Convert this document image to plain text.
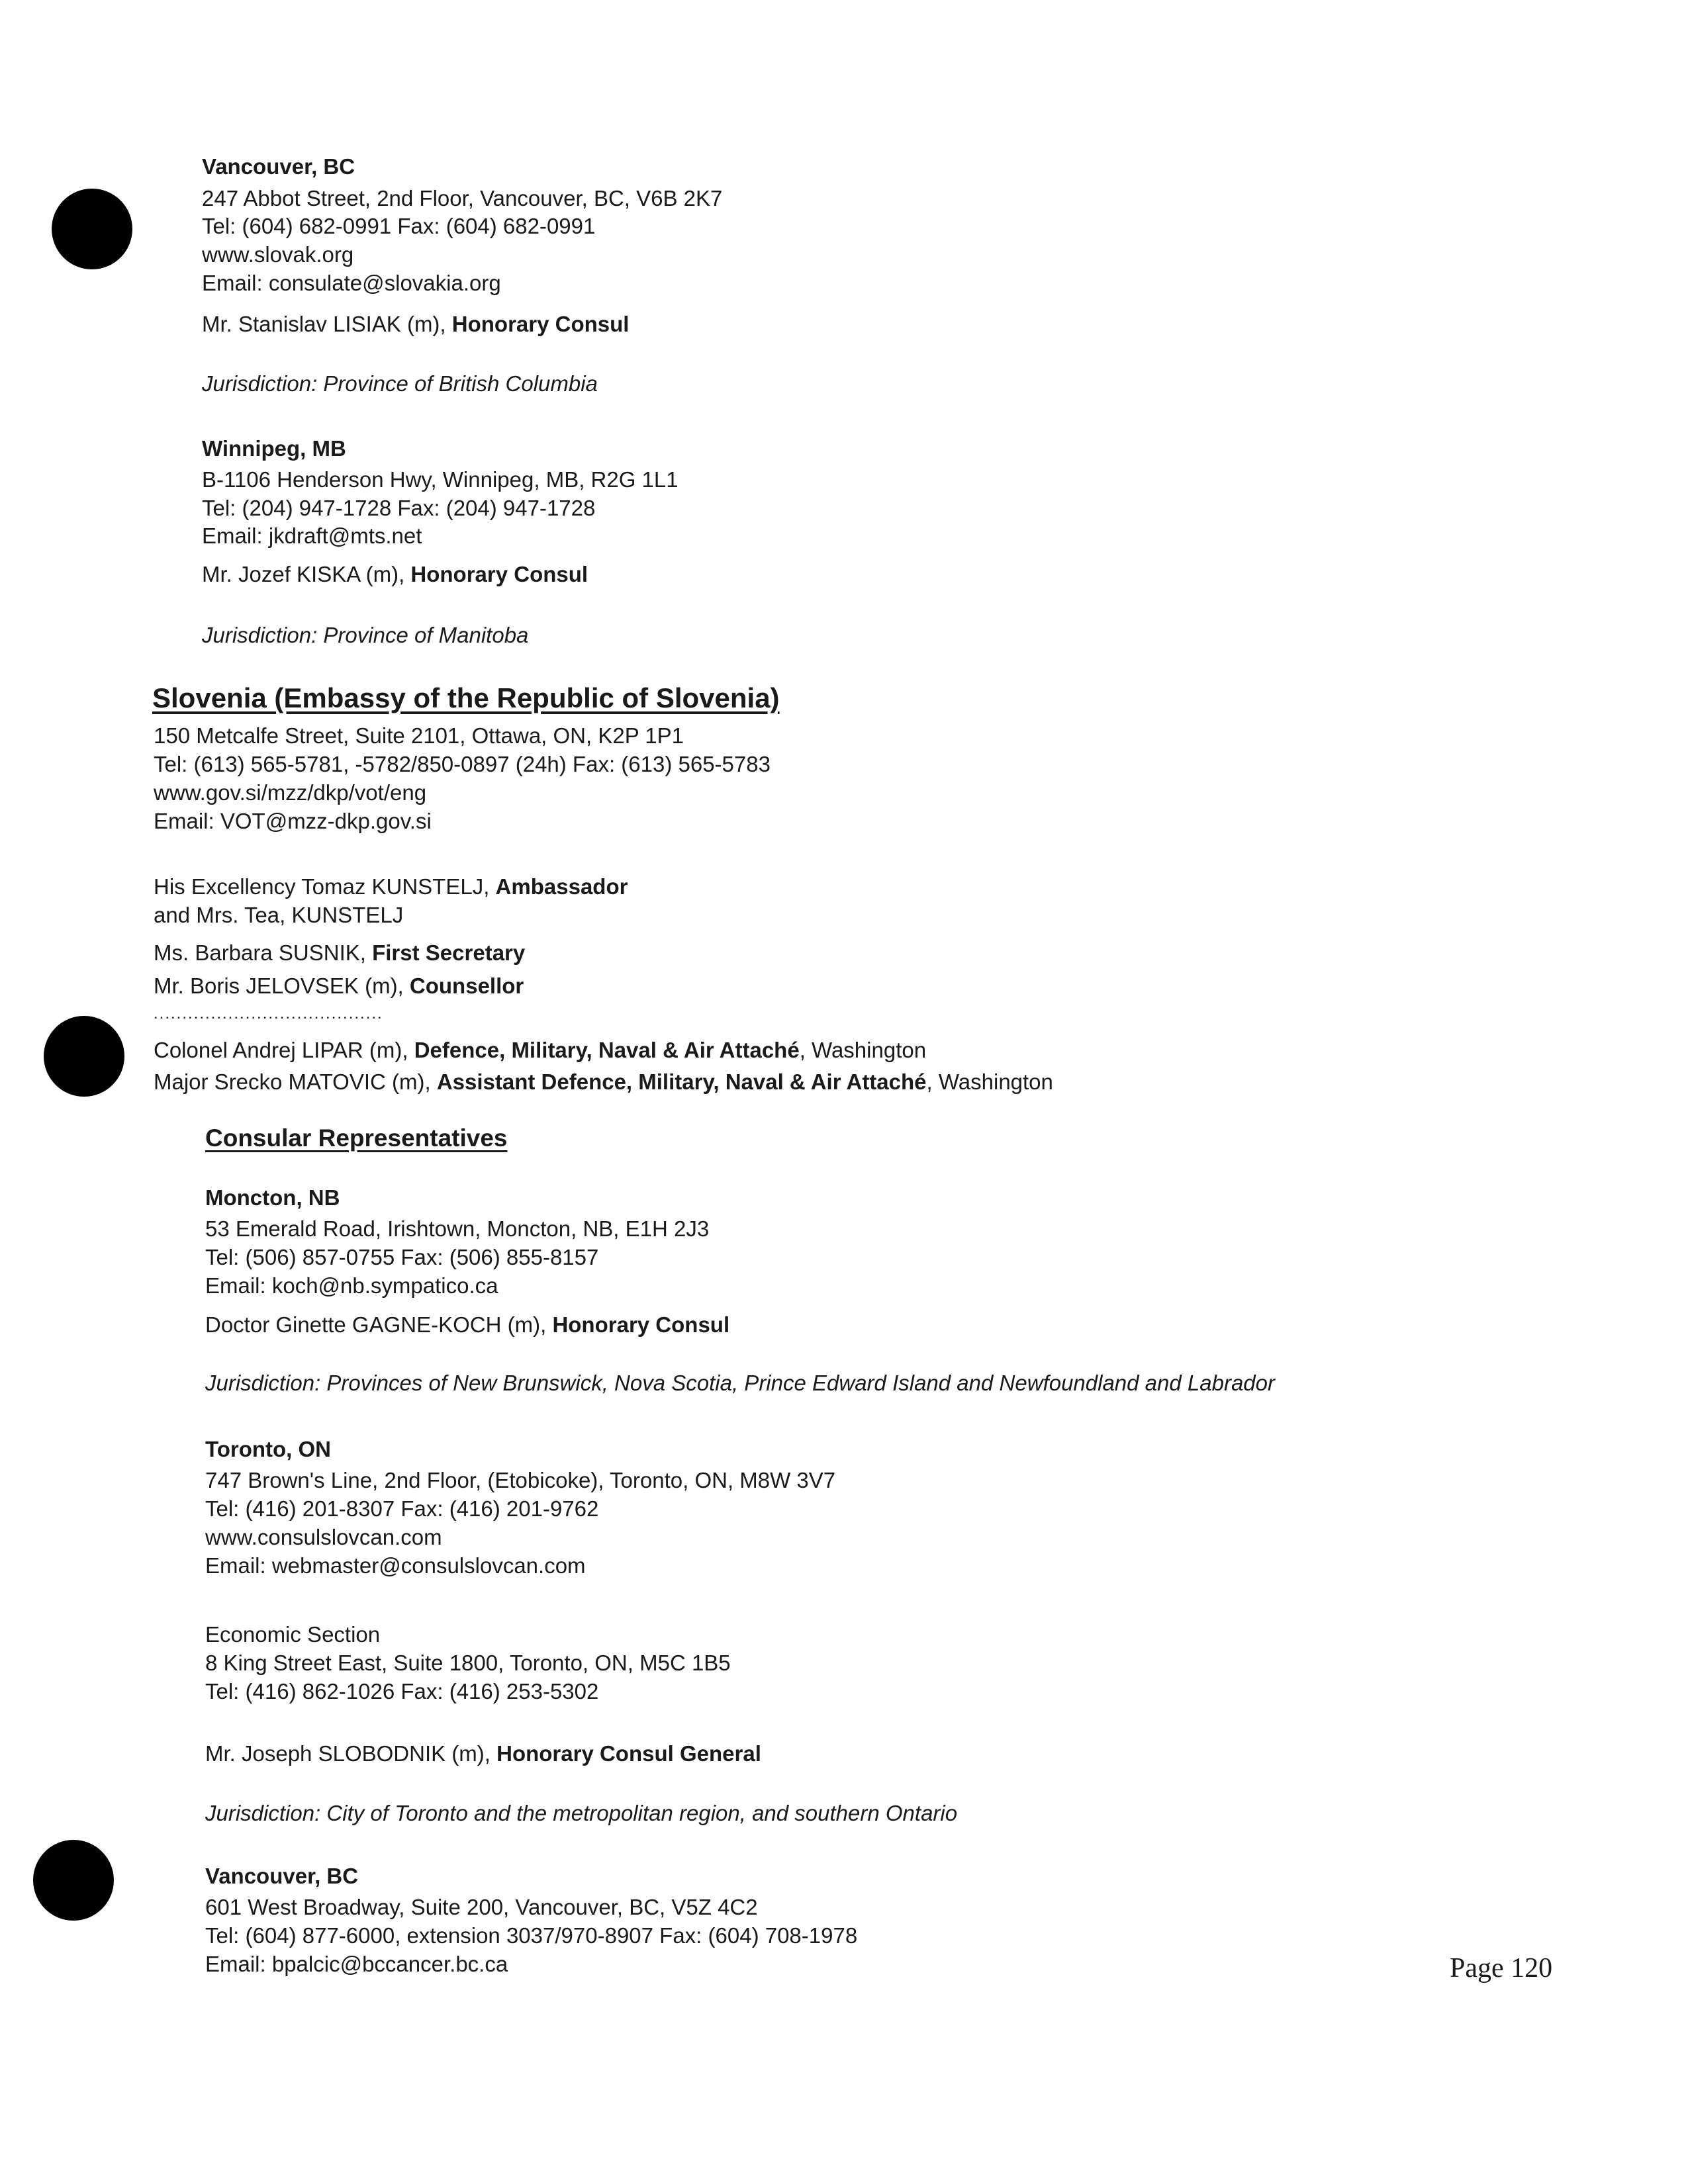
Vancouver, BC
247 Abbot Street, 2nd Floor, Vancouver, BC, V6B 2K7
Tel: (604) 682-0991 Fax: (604) 682-0991
www.slovak.org
Email: consulate@slovakia.org
Mr. Stanislav LISIAK (m), Honorary Consul
Jurisdiction: Province of British Columbia
Winnipeg, MB
B-1106 Henderson Hwy, Winnipeg, MB, R2G 1L1
Tel: (204) 947-1728 Fax: (204) 947-1728
Email: jkdraft@mts.net
Mr. Jozef KISKA (m), Honorary Consul
Jurisdiction: Province of Manitoba
Slovenia (Embassy of the Republic of Slovenia)
150 Metcalfe Street, Suite 2101, Ottawa, ON, K2P 1P1
Tel: (613) 565-5781, -5782/850-0897 (24h) Fax: (613) 565-5783
www.gov.si/mzz/dkp/vot/eng
Email: VOT@mzz-dkp.gov.si
His Excellency Tomaz KUNSTELJ, Ambassador
and Mrs. Tea, KUNSTELJ
Ms. Barbara SUSNIK, First Secretary
Mr. Boris JELOVSEK (m), Counsellor
........................................
Colonel Andrej LIPAR (m), Defence, Military, Naval & Air Attaché, Washington
Major Srecko MATOVIC (m), Assistant Defence, Military, Naval & Air Attaché, Washington
Consular Representatives
Moncton, NB
53 Emerald Road, Irishtown, Moncton, NB, E1H 2J3
Tel: (506) 857-0755 Fax: (506) 855-8157
Email: koch@nb.sympatico.ca
Doctor Ginette GAGNE-KOCH (m), Honorary Consul
Jurisdiction: Provinces of New Brunswick, Nova Scotia, Prince Edward Island and Newfoundland and Labrador
Toronto, ON
747 Brown's Line, 2nd Floor, (Etobicoke), Toronto, ON, M8W 3V7
Tel: (416) 201-8307 Fax: (416) 201-9762
www.consulslovcan.com
Email: webmaster@consulslovcan.com
Economic Section
8 King Street East, Suite 1800, Toronto, ON, M5C 1B5
Tel: (416) 862-1026 Fax: (416) 253-5302
Mr. Joseph SLOBODNIK (m), Honorary Consul General
Jurisdiction: City of Toronto and the metropolitan region, and southern Ontario
Vancouver, BC
601 West Broadway, Suite 200, Vancouver, BC, V5Z 4C2
Tel: (604) 877-6000, extension 3037/970-8907 Fax: (604) 708-1978
Email: bpalcic@bccancer.bc.ca	Page 120
